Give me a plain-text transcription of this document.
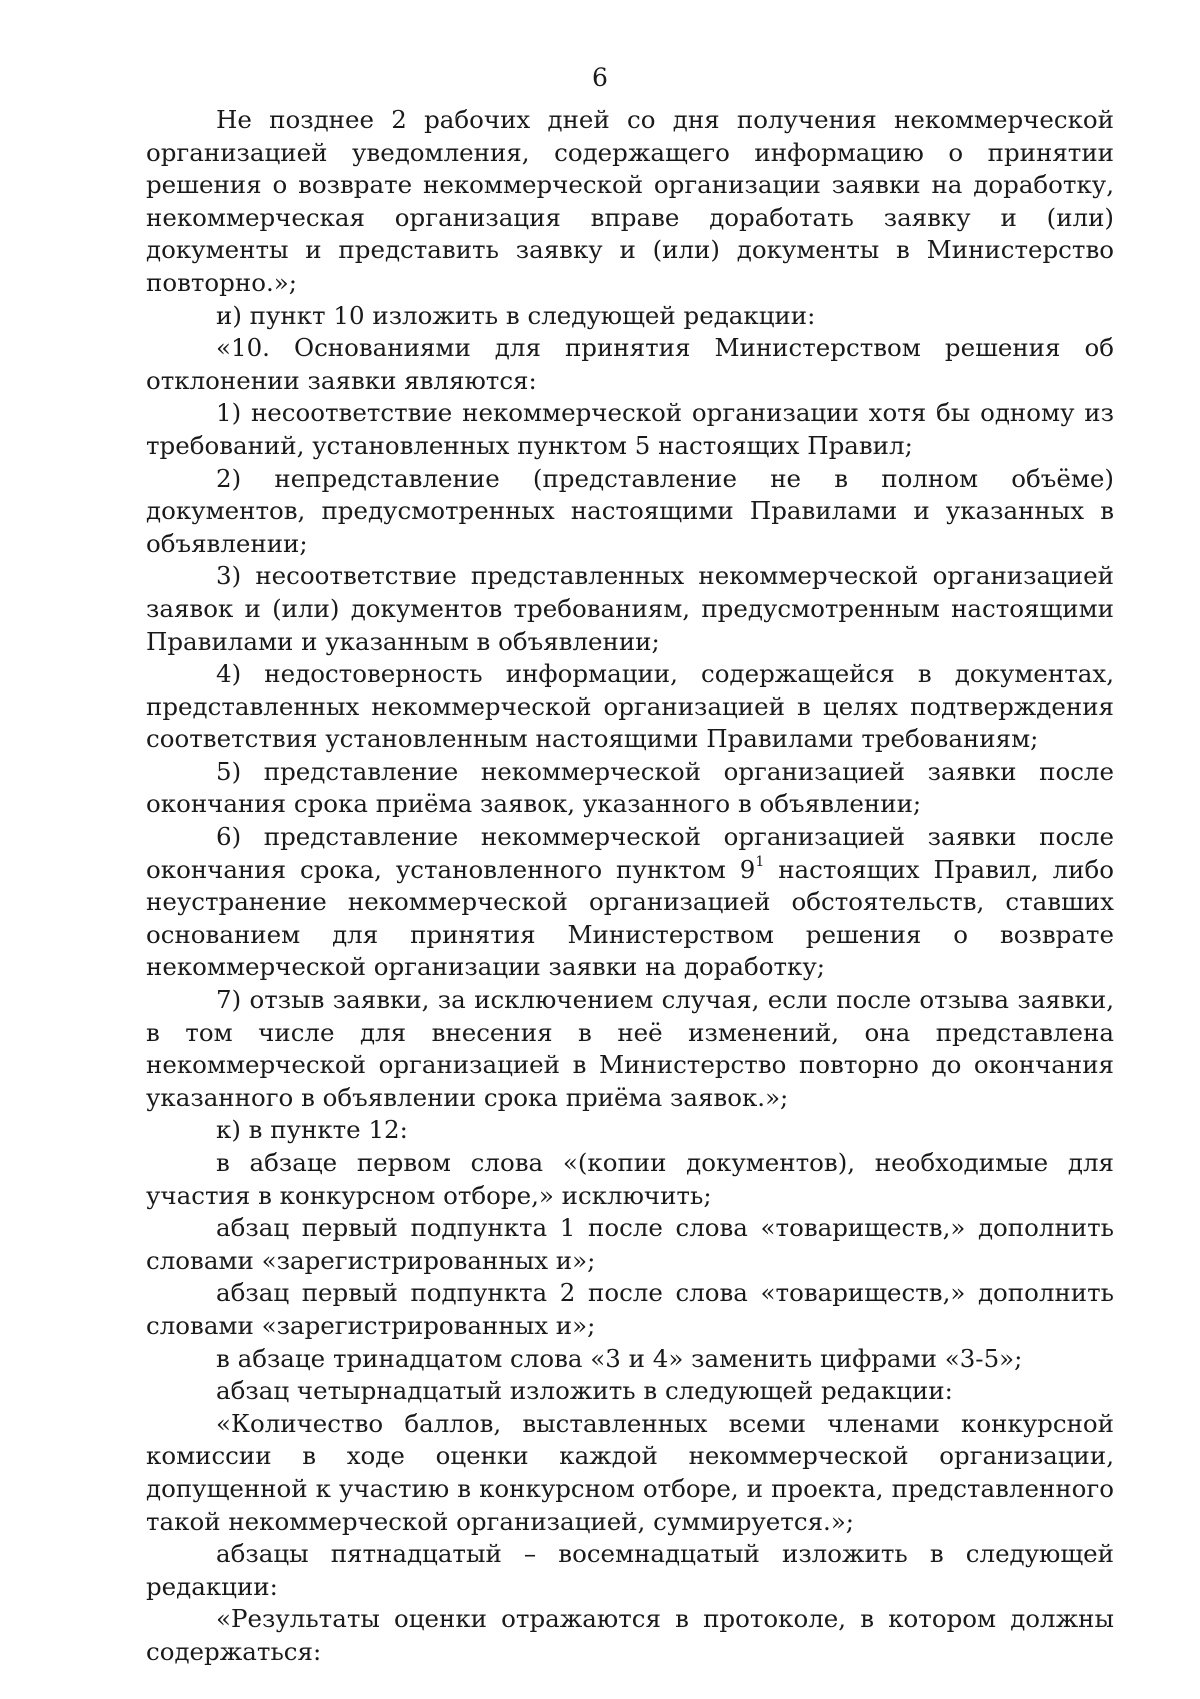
6

Не позднее 2 рабочих дней со дня получения некоммерческой организацией уведомления, содержащего информацию о принятии решения о возврате некоммерческой организации заявки на доработку, некоммерческая организация вправе доработать заявку и (или) документы и представить заявку и (или) документы в Министерство повторно.»;

и) пункт 10 изложить в следующей редакции:

«10. Основаниями для принятия Министерством решения об отклонении заявки являются:

1) несоответствие некоммерческой организации хотя бы одному из требований, установленных пунктом 5 настоящих Правил;

2) непредставление (представление не в полном объёме) документов, предусмотренных настоящими Правилами и указанных в объявлении;

3) несоответствие представленных некоммерческой организацией заявок и (или) документов требованиям, предусмотренным настоящими Правилами и указанным в объявлении;

4) недостоверность информации, содержащейся в документах, представленных некоммерческой организацией в целях подтверждения соответствия установленным настоящими Правилами требованиям;

5) представление некоммерческой организацией заявки после окончания срока приёма заявок, указанного в объявлении;

6) представление некоммерческой организацией заявки после окончания срока, установленного пунктом $9^1$ настоящих Правил, либо неустранение некоммерческой организацией обстоятельств, ставших основанием для принятия Министерством решения о возврате некоммерческой организации заявки на доработку;

7) отзыв заявки, за исключением случая, если после отзыва заявки, в том числе для внесения в неё изменений, она представлена некоммерческой организацией в Министерство повторно до окончания указанного в объявлении срока приёма заявок.»;

к) в пункте 12:

в абзаце первом слова «(копии документов), необходимые для участия в конкурсном отборе,» исключить;

абзац первый подпункта 1 после слова «товариществ,» дополнить словами «зарегистрированных и»;

абзац первый подпункта 2 после слова «товариществ,» дополнить словами «зарегистрированных и»;

в абзаце тринадцатом слова «3 и 4» заменить цифрами «3-5»;

абзац четырнадцатый изложить в следующей редакции:

«Количество баллов, выставленных всеми членами конкурсной комиссии в ходе оценки каждой некоммерческой организации, допущенной к участию в конкурсном отборе, и проекта, представленного такой некоммерческой организацией, суммируется.»;

абзацы пятнадцатый – восемнадцатый изложить в следующей редакции:

«Результаты оценки отражаются в протоколе, в котором должны содержаться:
